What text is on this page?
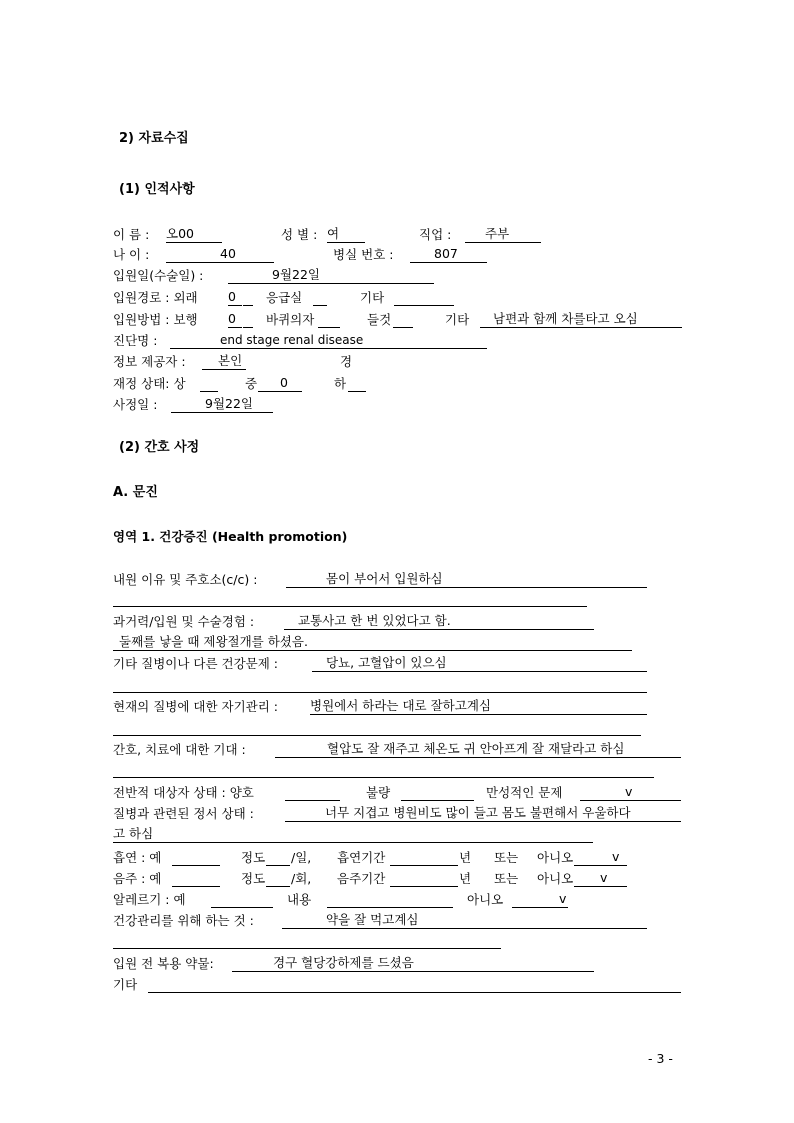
2) 자료수집
(1) 인적사항
이 름 : 오00	성 별 : 여	직업 :	주부
나 이 :	40	병실 번호 :	807
입원일(수술일) :	9월22일
입원경로 : 외래 0	응급실	기타
입원방법 : 보행 0	바퀴의자	들것	기타	남편과 함께 차를타고 오심
진단명 :	end stage renal disease
정보 제공자 :	본인	경
재정 상태: 상	중	0	하
사정일 :	9월22일
(2) 간호 사정
A. 문진
영역 1. 건강증진 (Health promotion)
내원 이유 및 주호소(c/c) :	몸이 부어서 입원하심
과거력/입원 및 수술경험 :	교통사고 한 번 있었다고 함.
둘째를 낳을 때 제왕절개를 하셨음.
기타 질병이나 다른 건강문제 :	당뇨, 고혈압이 있으심
현재의 질병에 대한 자기관리 :	병원에서 하라는 대로 잘하고계심
간호, 치료에 대한 기대 :	혈압도 잘 재주고 체온도 귀 안아프게 잘 재달라고 하심
전반적 대상자 상태 : 양호	불량	만성적인 문제	v
질병과 관련된 정서 상태 :	너무 지겹고 병원비도 많이 들고 몸도 불편해서 우울하다
고 하심
흡연 : 예	정도 /일, 흡연기간	년 또는 아니오	v
음주 : 예	정도 /회, 음주기간	년 또는 아니오	v
알레르기 : 예	내용	아니오	v
건강관리를 위해 하는 것 :	약을 잘 먹고계심
입원 전 복용 약물:	경구 혈당강하제를 드셨음
기타
- 3 -
